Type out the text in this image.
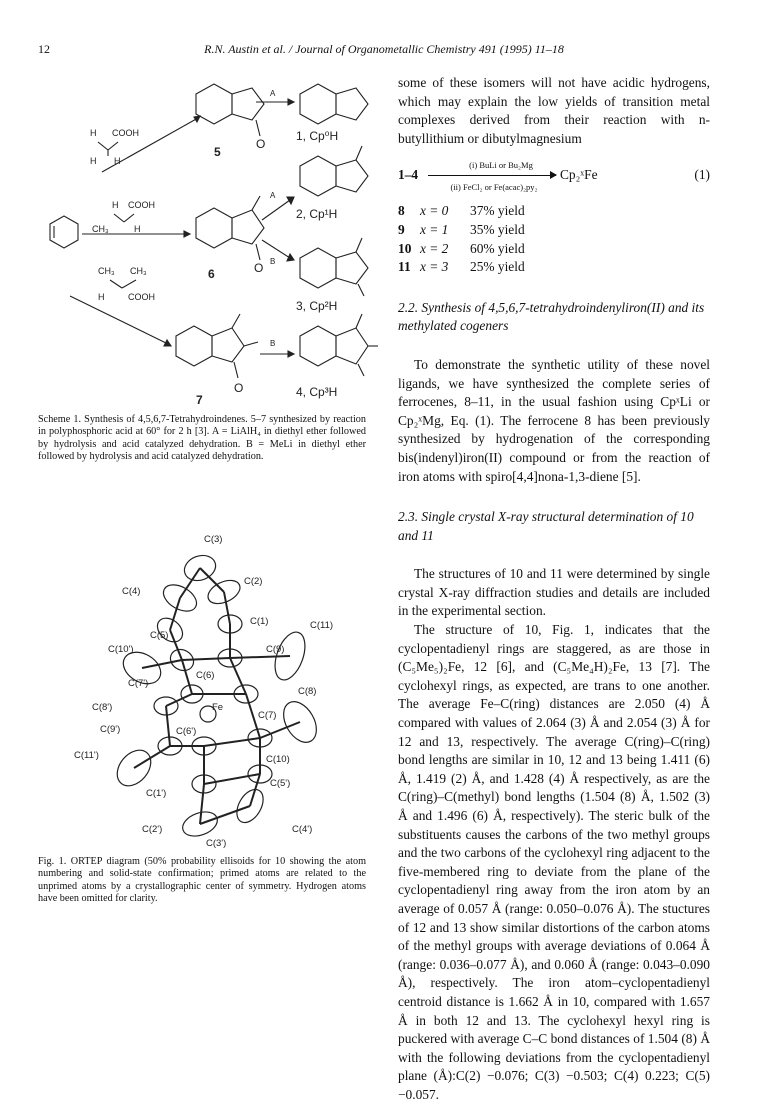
12	R.N. Austin et al. / Journal of Organometallic Chemistry 491 (1995) 11–18
O
A
1, Cp⁰H
5
H COOH
H H
H COOH
CH₃	H
O
6
A
2, Cp¹H
B
3, Cp²H
CH₃ CH₃
H	COOH
O
7
B
4, Cp³H
Scheme 1. Synthesis of 4,5,6,7-Tetrahydroindenes. 5–7 synthesized by reaction in polyphosphoric acid at 60° for 2 h [3]. A = LiAlH₄ in diethyl ether followed by hydrolysis and acid catalyzed dehydration. B = MeLi in diethyl ether followed by hydrolysis and acid catalyzed dehydration.
C(3)
C(4)
C(2)
C(1)	C(11)
C(5)
C(10')	C(9)
C(7')
C(6)
C(8')	Fe
C(8)
C(9')	C(6')
C(7)
C(10)
C(11')
C(5')
C(1')
C(4')
C(2')
C(3')
Fig. 1. ORTEP diagram (50% probability ellisoids for 10 showing the atom numbering and solid-state confirmation; primed atoms are related to the unprimed atoms by a crystallographic center of symmetry. Hydrogen atoms have been omitted for clarity.

some of these isomers will not have acidic hydrogens, which may explain the low yields of transition metal complexes derived from their reaction with n-butyllithium or dibutylmagnesium

1–4
(i) BuLi or Bu₂Mg
(ii) FeCl₂ or Fe(acac)₂py₂
Cp₂ˣFe	(1)
8	x = 0	37% yield
9	x = 1	35% yield
10 x = 2	60% yield
11 x = 3	25% yield

2.2. Synthesis of 4,5,6,7-tetrahydroindenyliron(II) and its methylated cogeners

To demonstrate the synthetic utility of these novel ligands, we have synthesized the complete series of ferrocenes, 8–11, in the usual fashion using CpˣLi or Cp₂ˣMg, Eq. (1). The ferrocene 8 has been previously synthesized by hydrogenation of the corresponding bis(indenyl)iron(II) compound or from the reaction of iron atoms with spiro[4,4]nona-1,3-diene [5].

2.3. Single crystal X-ray structural determination of 10 and 11

The structures of 10 and 11 were determined by single crystal X-ray diffraction studies and details are included in the experimental section.

The structure of 10, Fig. 1, indicates that the cyclopentadienyl rings are staggered, as are those in (C₅Me₅)₂Fe, 12 [6], and (C₅Me₄H)₂Fe, 13 [7]. The cyclohexyl rings, as expected, are trans to one another. The average Fe–C(ring) distances are 2.050 (4) Å compared with values of 2.064 (3) Å and 2.054 (3) Å for 12 and 13, respectively. The average C(ring)–C(ring) bond lengths are similar in 10, 12 and 13 being 1.411 (6) Å, 1.419 (2) Å, and 1.428 (4) Å respectively, as are the C(ring)–C(methyl) bond lengths (1.504 (8) Å, 1.502 (3) Å and 1.496 (6) Å, respectively). The steric bulk of the substituents causes the carbons of the two methyl groups and the two carbons of the cyclohexyl ring adjacent to the five-membered ring to deviate from the plane of the cyclopentadienyl ring away from the iron atom by an average of 0.057 Å (range: 0.050–0.076 Å). The stuctures of 12 and 13 show similar distortions of the carbon atoms of the methyl groups with average deviations of 0.064 Å (range: 0.036–0.077 Å), and 0.060 Å (range: 0.043–0.090 Å), respectively. The iron atom–cyclopentadienyl centroid distance is 1.662 Å in 10, compared with 1.657 Å in both 12 and 13. The cyclohexyl hexyl ring is puckered with average C–C bond distances of 1.504 (8) Å with the following deviations from the cyclopentadienyl plane (Å):C(2) −0.076; C(3) −0.503; C(4) 0.223; C(5) −0.057.
